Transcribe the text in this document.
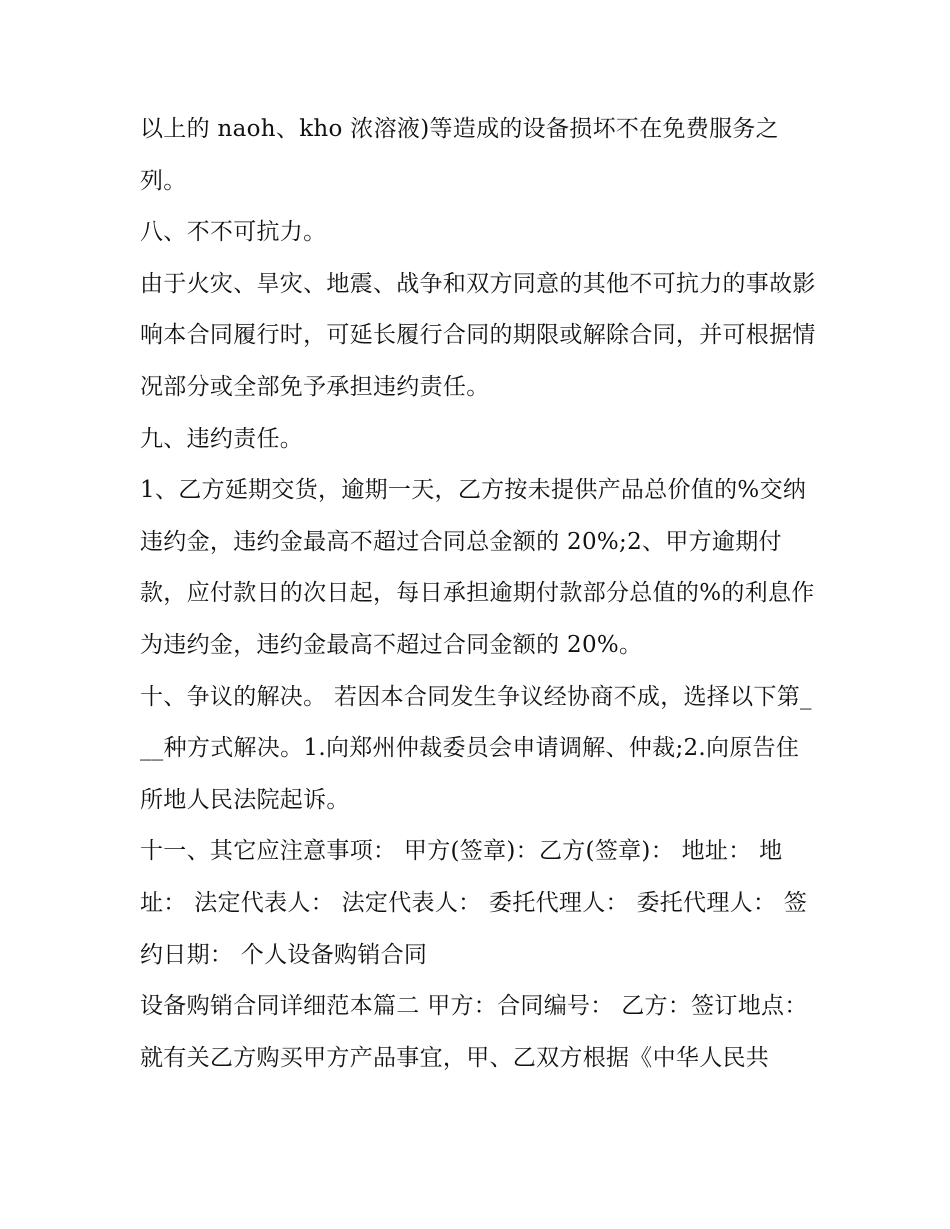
以上的 naoh、kho 浓溶液)等造成的设备损坏不在免费服务之列。

八、不不可抗力。

由于火灾、旱灾、地震、战争和双方同意的其他不可抗力的事故影响本合同履行时，可延长履行合同的期限或解除合同，并可根据情况部分或全部免予承担违约责任。

九、违约责任。

1、乙方延期交货，逾期一天，乙方按未提供产品总价值的%交纳违约金，违约金最高不超过合同总金额的 20%;2、甲方逾期付款，应付款日的次日起，每日承担逾期付款部分总值的%的利息作为违约金，违约金最高不超过合同金额的 20%。

十、争议的解决。 若因本合同发生争议经协商不成，选择以下第___种方式解决。1.向郑州仲裁委员会申请调解、仲裁;2.向原告住所地人民法院起诉。

十一、其它应注意事项： 甲方(签章)：乙方(签章)： 地址： 地址： 法定代表人： 法定代表人： 委托代理人： 委托代理人： 签约日期： 个人设备购销合同

设备购销合同详细范本篇二 甲方：合同编号： 乙方：签订地点：

就有关乙方购买甲方产品事宜，甲、乙双方根据《中华人民共
